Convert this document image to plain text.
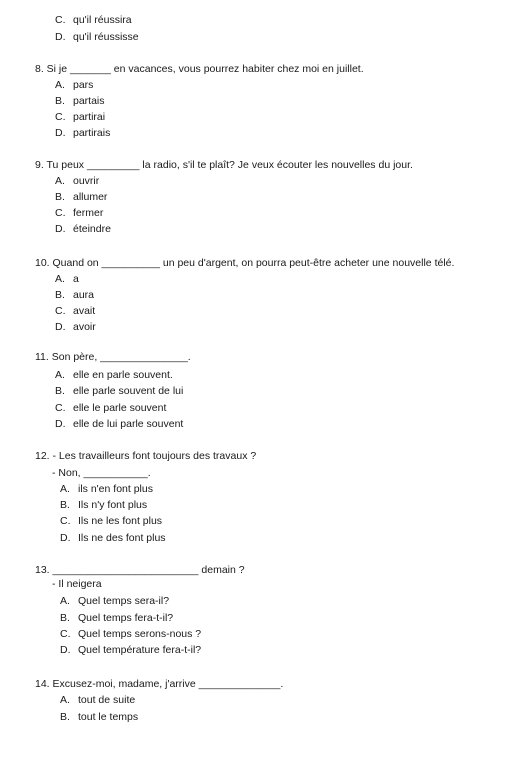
C. qu'il réussira
D. qu'il réussisse
8. Si je _______ en vacances, vous pourrez habiter chez moi en juillet.
A. pars
B. partais
C. partirai
D. partirais
9. Tu peux _________ la radio, s'il te plaît? Je veux écouter les nouvelles du jour.
A. ouvrir
B. allumer
C. fermer
D. éteindre
10. Quand on __________ un peu d'argent, on pourra peut-être acheter une nouvelle télé.
A. a
B. aura
C. avait
D. avoir
11. Son père, _______________.
A. elle en parle souvent.
B. elle parle souvent de lui
C. elle le parle souvent
D. elle de lui parle souvent
12. - Les travailleurs font toujours des travaux ?
- Non, ___________.
A. ils n'en font plus
B. Ils n'y font plus
C. Ils ne les font plus
D. Ils ne des font plus
13. _________________________ demain ?
- Il neigera
A. Quel temps sera-il?
B. Quel temps fera-t-il?
C. Quel temps serons-nous ?
D. Quel température fera-t-il?
14. Excusez-moi, madame, j'arrive ______________.
A. tout de suite
B. tout le temps
